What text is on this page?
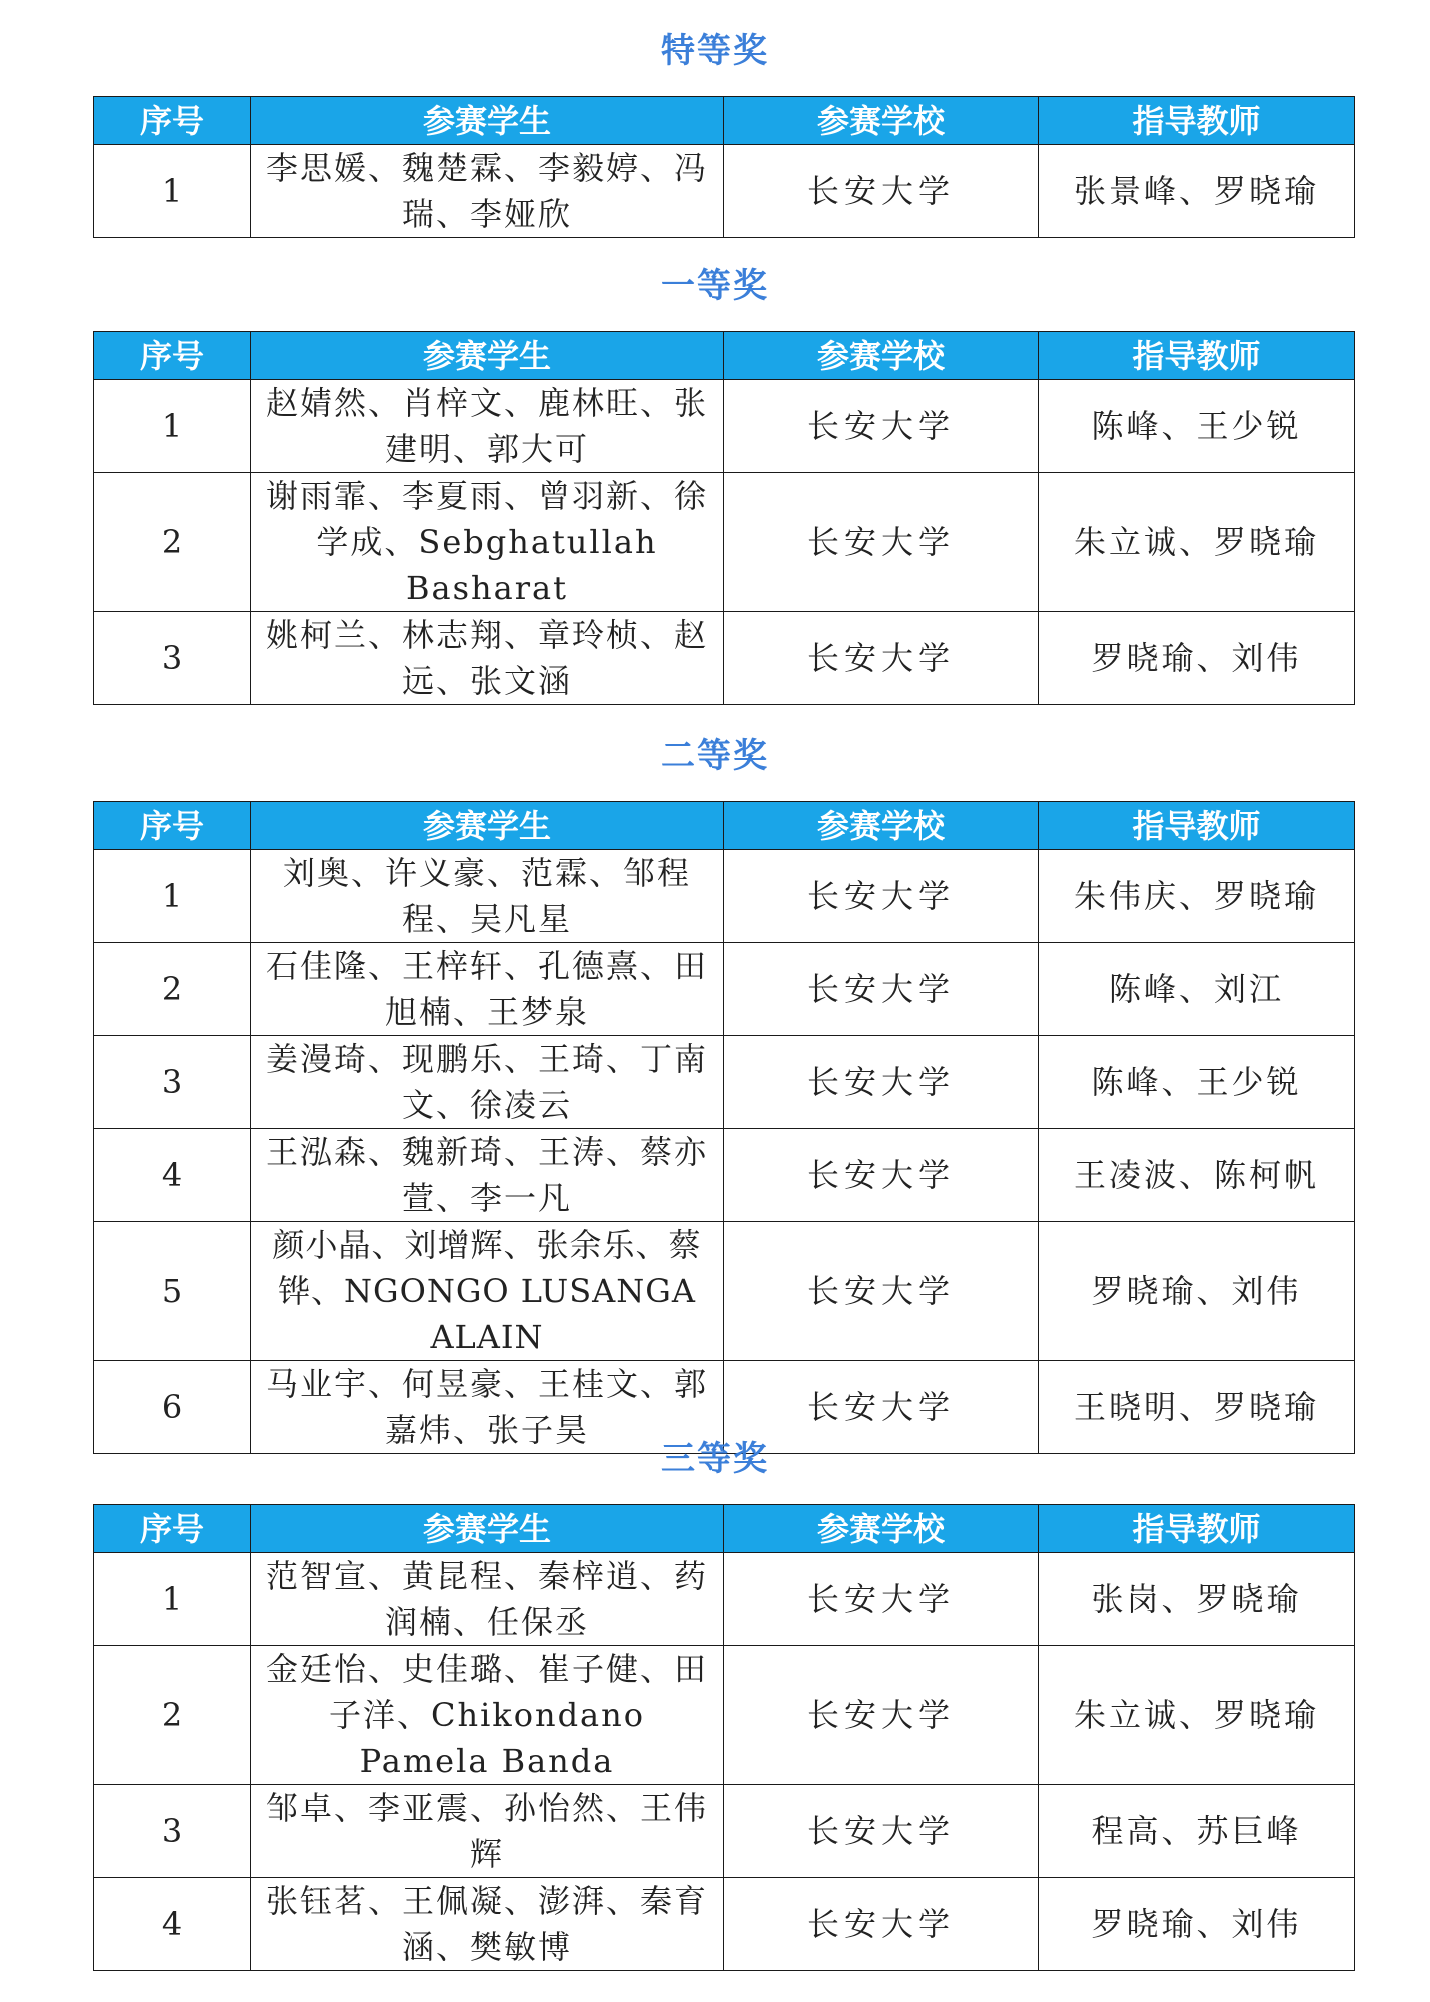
特等奖
序号	参赛学生	参赛学校	指导教师
1	李思媛、魏楚霖、李毅婷、冯瑞、李娅欣	长安大学	张景峰、罗晓瑜
一等奖
序号	参赛学生	参赛学校	指导教师
1	赵婧然、肖梓文、鹿林旺、张建明、郭大可	长安大学	陈峰、王少锐
2	谢雨霏、李夏雨、曾羽新、徐学成、Sebghatullah Basharat	长安大学	朱立诚、罗晓瑜
3	姚柯兰、林志翔、章玲桢、赵远、张文涵	长安大学	罗晓瑜、刘伟
二等奖
序号	参赛学生	参赛学校	指导教师
1	刘奥、许义豪、范霖、邹程程、吴凡星	长安大学	朱伟庆、罗晓瑜
2	石佳隆、王梓轩、孔德熹、田旭楠、王梦泉	长安大学	陈峰、刘江
3	姜漫琦、现鹏乐、王琦、丁南文、徐凌云	长安大学	陈峰、王少锐
4	王泓森、魏新琦、王涛、蔡亦萱、李一凡	长安大学	王凌波、陈柯帆
5	颜小晶、刘增辉、张余乐、蔡铧、NGONGO LUSANGA ALAIN	长安大学	罗晓瑜、刘伟
6	马业宇、何昱豪、王桂文、郭嘉炜、张子昊	长安大学	王晓明、罗晓瑜
三等奖
序号	参赛学生	参赛学校	指导教师
1	范智宣、黄昆程、秦梓逍、药润楠、任保丞	长安大学	张岗、罗晓瑜
2	金廷怡、史佳璐、崔子健、田子洋、Chikondano Pamela Banda	长安大学	朱立诚、罗晓瑜
3	邹卓、李亚震、孙怡然、王伟辉	长安大学	程高、苏巨峰
4	张钰茗、王佩凝、澎湃、秦育涵、樊敏博	长安大学	罗晓瑜、刘伟
